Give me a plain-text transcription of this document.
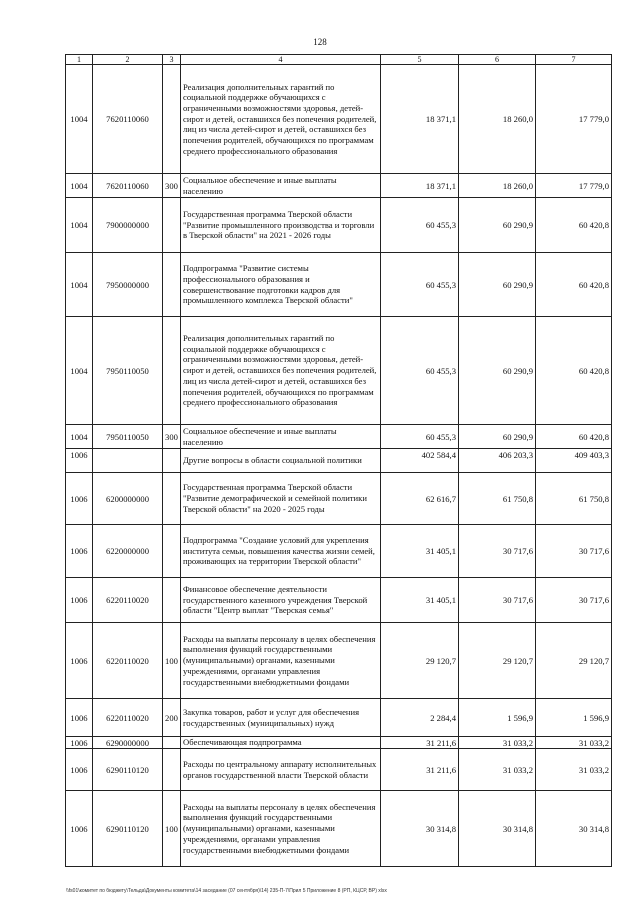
128
1	2	3	4	5	6	7
1004	7620110060		Реализация дополнительных гарантий по социальной поддержке обучающихся с ограниченными возможностями здоровья, детей-сирот и детей, оставшихся без попечения родителей, лиц из числа детей-сирот и детей, оставшихся без попечения родителей, обучающихся по программам среднего профессионального образования	18 371,1	18 260,0	17 779,0
1004	7620110060	300	Социальное обеспечение и иные выплаты населению	18 371,1	18 260,0	17 779,0
1004	7900000000		Государственная программа Тверской области "Развитие промышленного производства и торговли в Тверской области" на 2021 - 2026 годы	60 455,3	60 290,9	60 420,8
1004	7950000000		Подпрограмма "Развитие системы профессионального образования и совершенствование подготовки кадров для промышленного комплекса Тверской области"	60 455,3	60 290,9	60 420,8
1004	7950110050		Реализация дополнительных гарантий по социальной поддержке обучающихся с ограниченными возможностями здоровья, детей-сирот и детей, оставшихся без попечения родителей, лиц из числа детей-сирот и детей, оставшихся без попечения родителей, обучающихся по программам среднего профессионального образования	60 455,3	60 290,9	60 420,8
1004	7950110050	300	Социальное обеспечение и иные выплаты населению	60 455,3	60 290,9	60 420,8
1006			Другие вопросы в области социальной политики	402 584,4	406 203,3	409 403,3
1006	6200000000		Государственная программа Тверской области "Развитие демографической и семейной политики Тверской области" на 2020 - 2025 годы	62 616,7	61 750,8	61 750,8
1006	6220000000		Подпрограмма "Создание условий для укрепления института семьи, повышения качества жизни семей, проживающих на территории Тверской области"	31 405,1	30 717,6	30 717,6
1006	6220110020		Финансовое обеспечение деятельности государственного казенного учреждения Тверской области "Центр выплат "Тверская семья"	31 405,1	30 717,6	30 717,6
1006	6220110020	100	Расходы на выплаты персоналу в целях обеспечения выполнения функций государственными (муниципальными) органами, казенными учреждениями, органами управления государственными внебюджетными фондами	29 120,7	29 120,7	29 120,7
1006	6220110020	200	Закупка товаров, работ и услуг для обеспечения государственных (муниципальных) нужд	2 284,4	1 596,9	1 596,9
1006	6290000000		Обеспечивающая подпрограмма	31 211,6	31 033,2	31 033,2
1006	6290110120		Расходы по центральному аппарату исполнительных органов государственной власти Тверской области	31 211,6	31 033,2	31 033,2
1006	6290110120	100	Расходы на выплаты персоналу в целях обеспечения выполнения функций государственными (муниципальными) органами, казенными учреждениями, органами управления государственными внебюджетными фондами	30 314,8	30 314,8	30 314,8
\\fs01\комитет по бюджету\Тельда\Документы комитета\14 заседание (07 сентября)\14) 235-П-7\Прил 5 Приложение 8 (РП, КЦСР, ВР) xlsx
